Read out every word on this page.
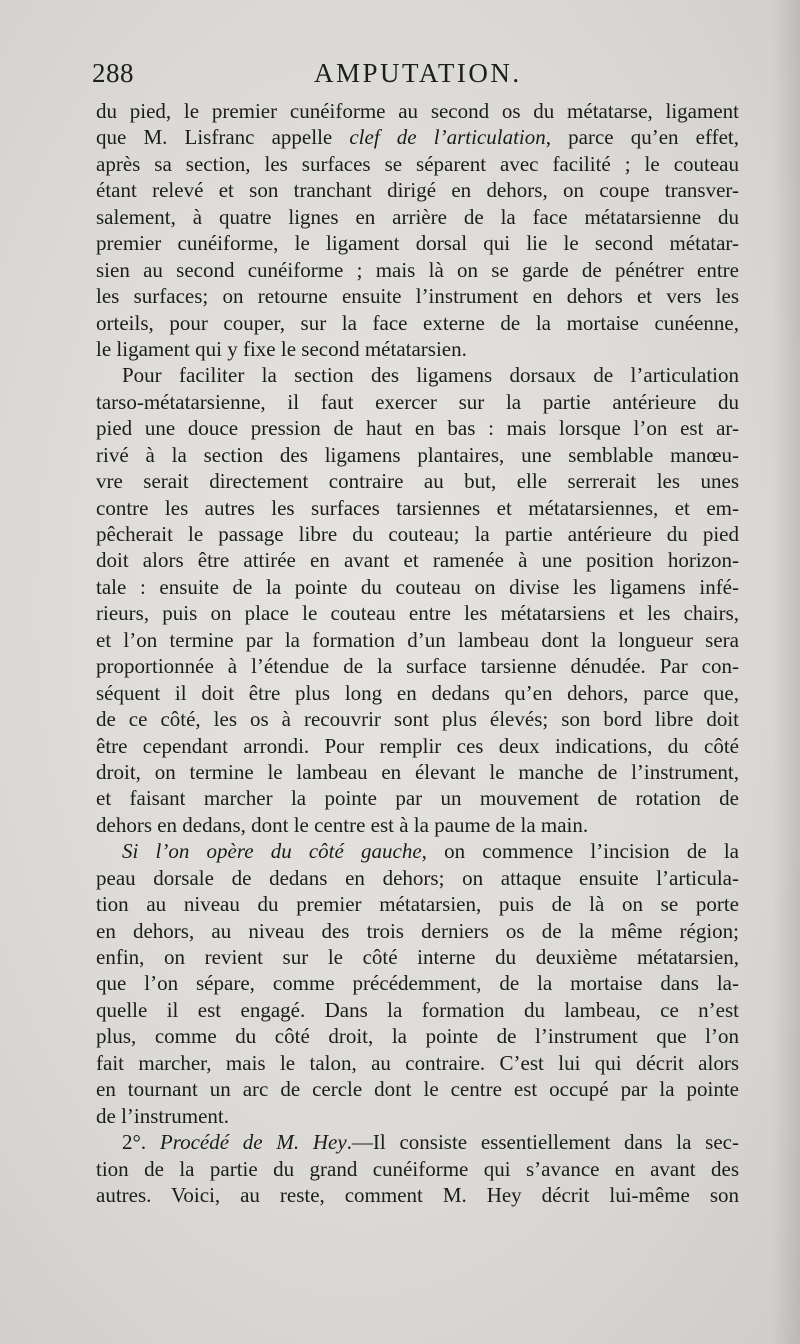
288	AMPUTATION.
du pied, le premier cunéiforme au second os du métatarse, ligament
que M. Lisfranc appelle clef de l’articulation, parce qu’en effet,
après sa section, les surfaces se séparent avec facilité ; le couteau
étant relevé et son tranchant dirigé en dehors, on coupe transver-
salement, à quatre lignes en arrière de la face métatarsienne du
premier cunéiforme, le ligament dorsal qui lie le second métatar-
sien au second cunéiforme ; mais là on se garde de pénétrer entre
les surfaces; on retourne ensuite l’instrument en dehors et vers les
orteils, pour couper, sur la face externe de la mortaise cunéenne,
le ligament qui y fixe le second métatarsien.
Pour faciliter la section des ligamens dorsaux de l’articulation
tarso-métatarsienne, il faut exercer sur la partie antérieure du
pied une douce pression de haut en bas : mais lorsque l’on est ar-
rivé à la section des ligamens plantaires, une semblable manœu-
vre serait directement contraire au but, elle serrerait les unes
contre les autres les surfaces tarsiennes et métatarsiennes, et em-
pêcherait le passage libre du couteau; la partie antérieure du pied
doit alors être attirée en avant et ramenée à une position horizon-
tale : ensuite de la pointe du couteau on divise les ligamens infé-
rieurs, puis on place le couteau entre les métatarsiens et les chairs,
et l’on termine par la formation d’un lambeau dont la longueur sera
proportionnée à l’étendue de la surface tarsienne dénudée. Par con-
séquent il doit être plus long en dedans qu’en dehors, parce que,
de ce côté, les os à recouvrir sont plus élevés; son bord libre doit
être cependant arrondi. Pour remplir ces deux indications, du côté
droit, on termine le lambeau en élevant le manche de l’instrument,
et faisant marcher la pointe par un mouvement de rotation de
dehors en dedans, dont le centre est à la paume de la main.
Si l’on opère du côté gauche, on commence l’incision de la
peau dorsale de dedans en dehors; on attaque ensuite l’articula-
tion au niveau du premier métatarsien, puis de là on se porte
en dehors, au niveau des trois derniers os de la même région;
enfin, on revient sur le côté interne du deuxième métatarsien,
que l’on sépare, comme précédemment, de la mortaise dans la-
quelle il est engagé. Dans la formation du lambeau, ce n’est
plus, comme du côté droit, la pointe de l’instrument que l’on
fait marcher, mais le talon, au contraire. C’est lui qui décrit alors
en tournant un arc de cercle dont le centre est occupé par la pointe
de l’instrument.
2°. Procédé de M. Hey.—Il consiste essentiellement dans la sec-
tion de la partie du grand cunéiforme qui s’avance en avant des
autres. Voici, au reste, comment M. Hey décrit lui-même son
